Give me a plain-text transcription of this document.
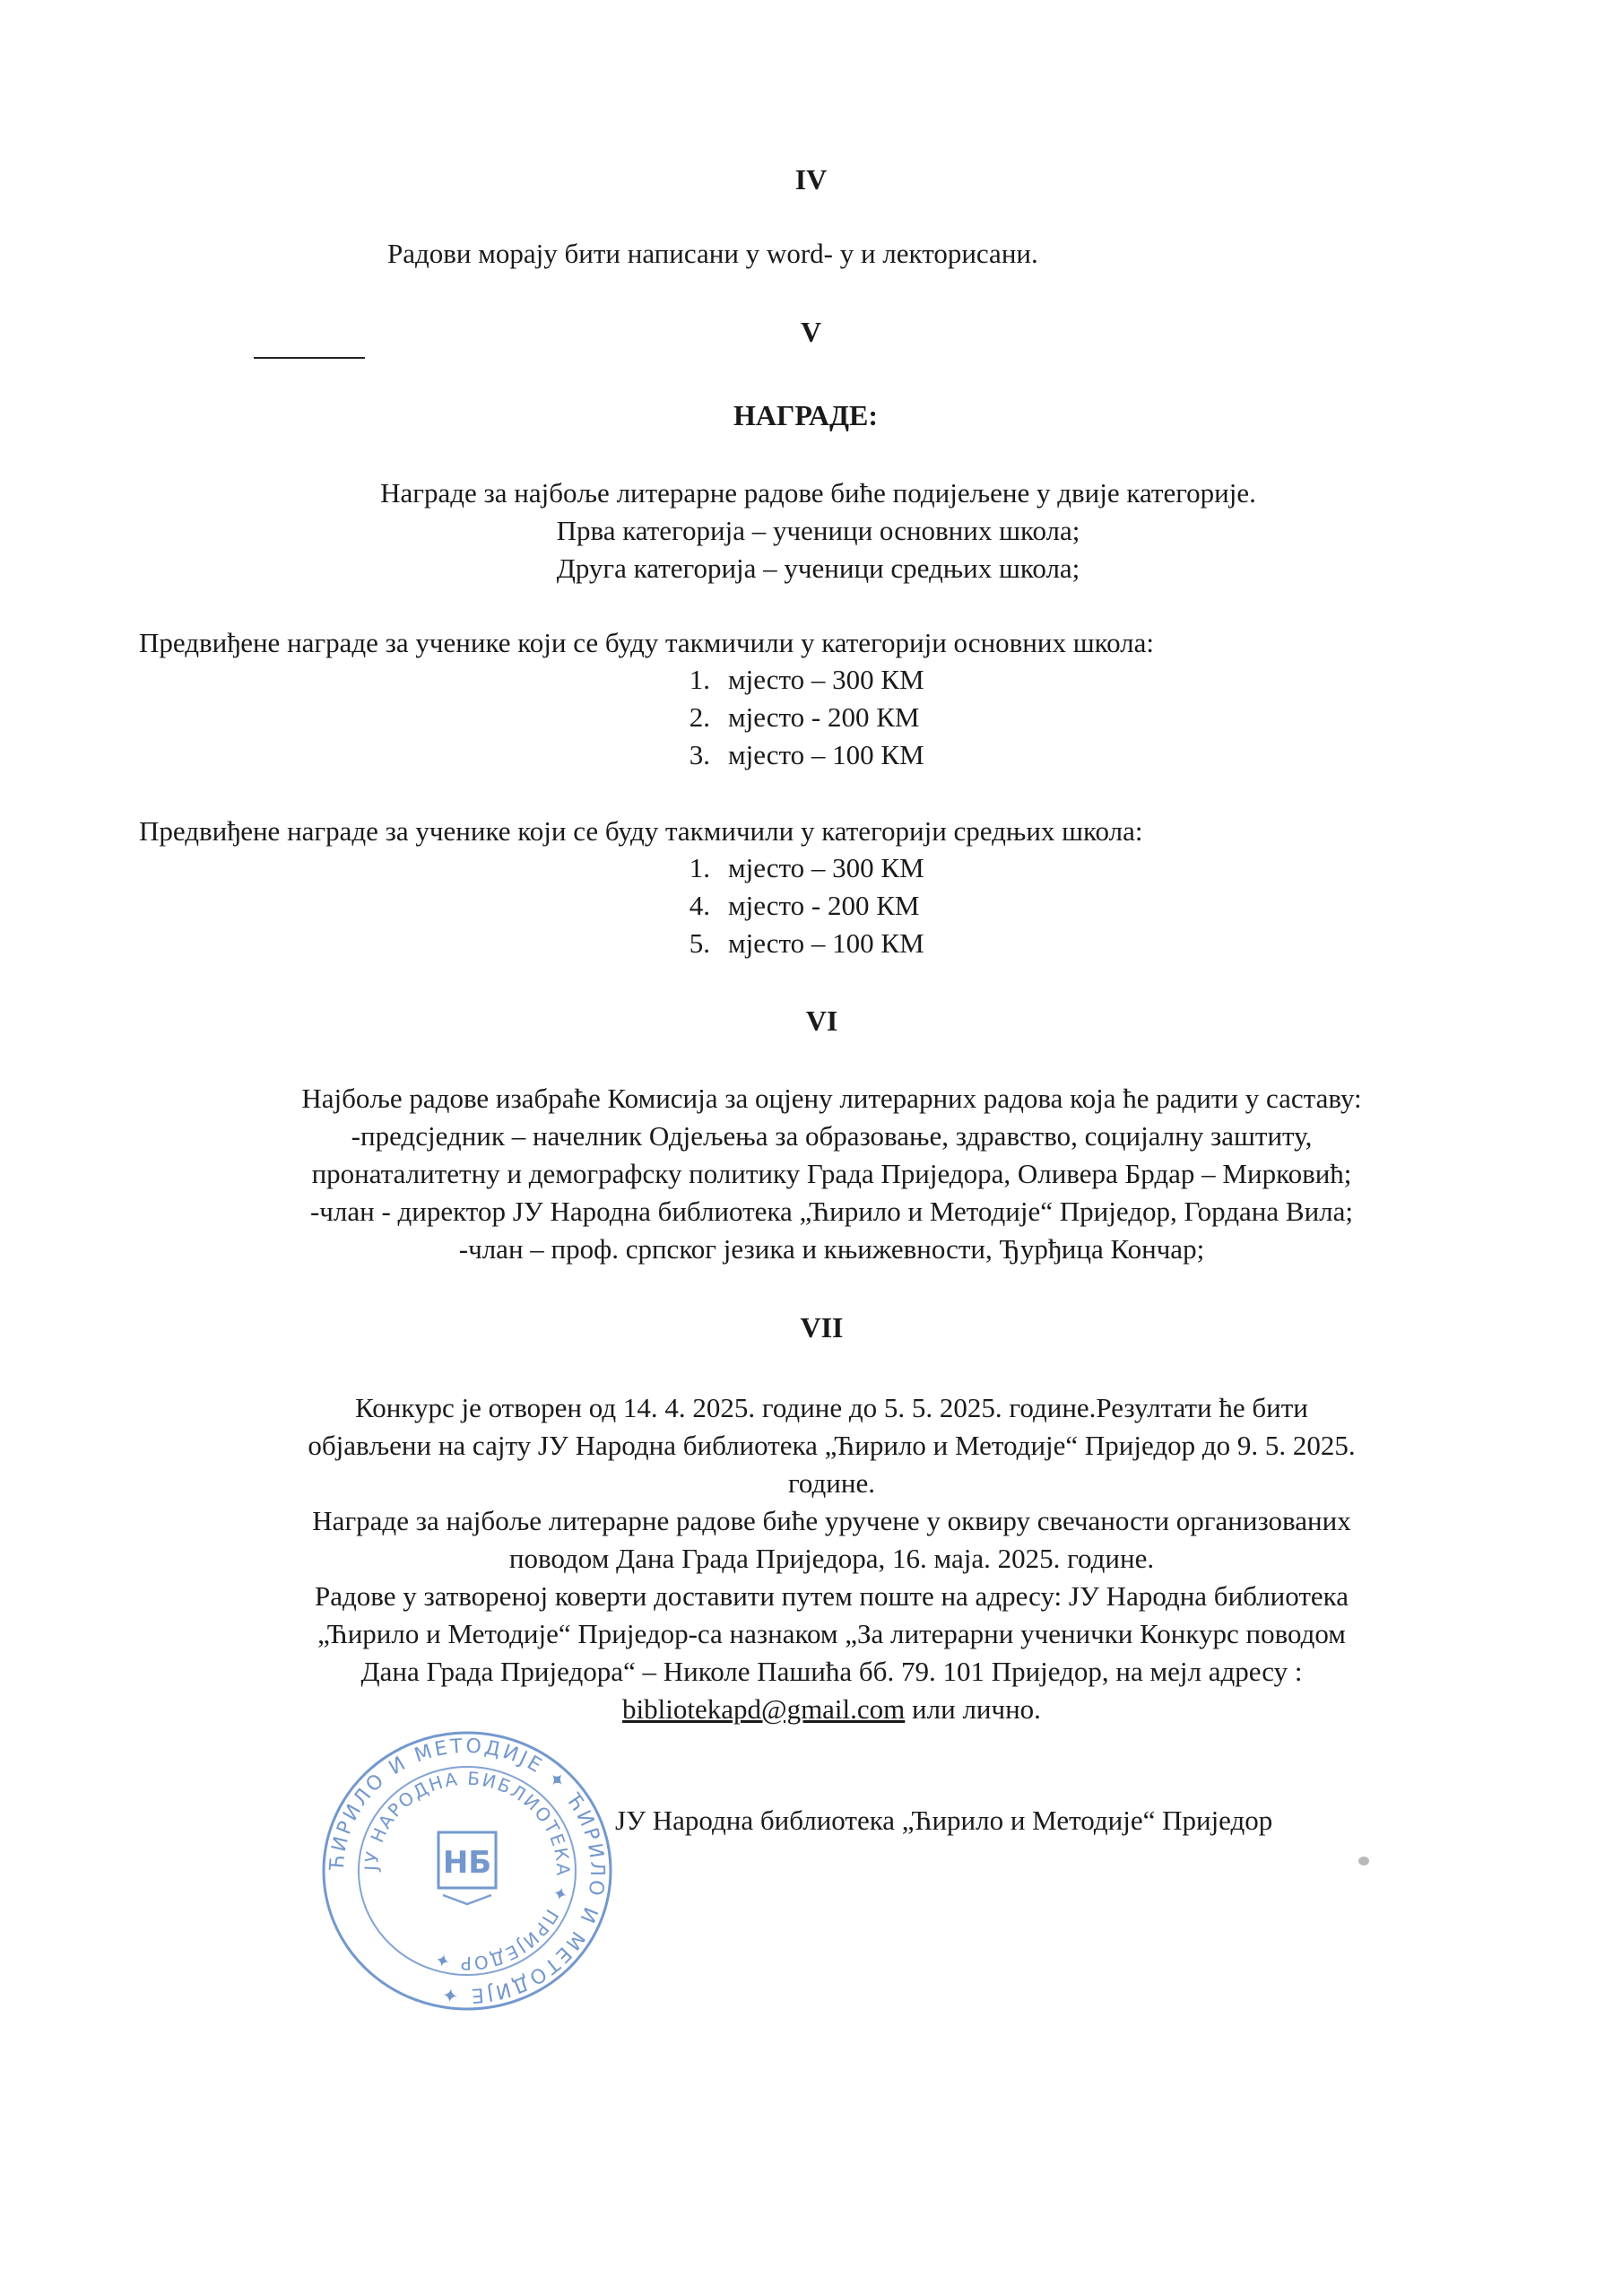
IV

Радови морају бити написани у word- у и лекторисани.

V

НАГРАДЕ:

Награде за најбоље литерарне радове биће подијељене у двије категорије.

Прва категорија – ученици основних школа;

Друга категорија – ученици средњих школа;

Предвиђене награде за ученике који се буду такмичили у категорији основних школа:

1. мјесто – 300 КМ
2. мјесто - 200 КМ
3. мјесто – 100 КМ

Предвиђене награде за ученике који се буду такмичили у категорији средњих школа:

1. мјесто – 300 КМ
4. мјесто - 200 КМ
5. мјесто – 100 КМ

VI

Најбоље радове изабраће Комисија за оцјену литерарних радова која ће радити у саставу:

-предсједник – начелник Одјељења за образовање, здравство, социјалну заштиту,

пронаталитетну и демографску политику Града Приједора, Оливера Брдар – Мирковић;

-члан - директор ЈУ Народна библиотека „Ћирило и Методије“ Приједор, Гордана Вила;

-члан – проф. српског језика и књижевности, Ђурђица Кончар;

VII

Конкурс је отворен од 14. 4. 2025. године до 5. 5. 2025. године.Резултати ће бити

објављени на сајту ЈУ Народна библиотека „Ћирило и Методије“ Приједор до 9. 5. 2025.

године.

Награде за најбоље литерарне радове биће уручене у оквиру свечаности организованих

поводом Дана Града Приједора, 16. маја. 2025. године.

Радове у затвореној коверти доставити путем поште на адресу: ЈУ Народна библиотека

„Ћирило и Методије“ Приједор-са назнаком „За литерарни ученички Конкурс поводом

Дана Града Приједора“ – Николе Пашића бб. 79. 101 Приједор, на мејл адресу :

bibliotekapd@gmail.com или лично.

ЋИРИЛО И МЕТОДИЈЕ ✦ ЋИРИЛО И МЕТОДИЈЕ ✦
ЈУ НАРОДНА БИБЛИОТЕКА ✦ ПРИЈЕДОР ✦
НБ

ЈУ Народна библиотека „Ћирило и Методије“ Приједор
